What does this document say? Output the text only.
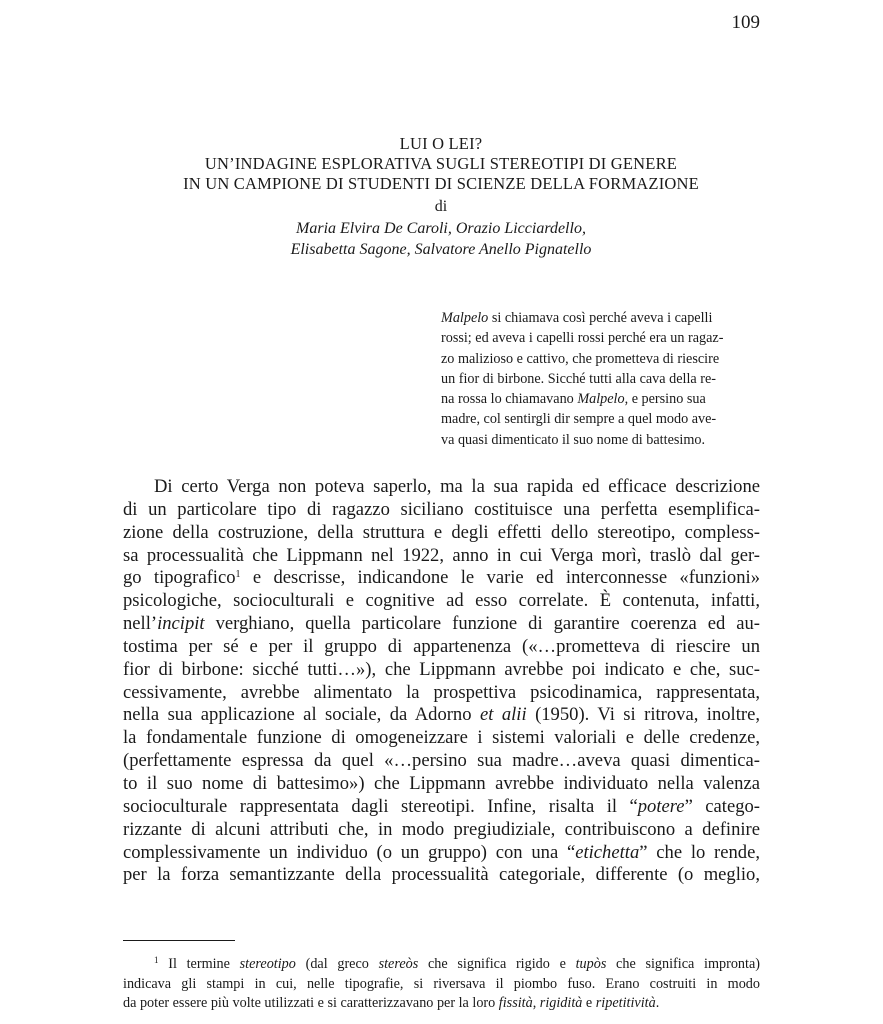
109
LUI O LEI?
UN’INDAGINE ESPLORATIVA SUGLI STEREOTIPI DI GENERE
IN UN CAMPIONE DI STUDENTI DI SCIENZE DELLA FORMAZIONE
di
Maria Elvira De Caroli, Orazio Licciardello,
Elisabetta Sagone, Salvatore Anello Pignatello
Malpelo si chiamava così perché aveva i capelli
rossi; ed aveva i capelli rossi perché era un ragaz-
zo malizioso e cattivo, che prometteva di riescire
un fior di birbone. Sicché tutti alla cava della re-
na rossa lo chiamavano Malpelo, e persino sua
madre, col sentirgli dir sempre a quel modo ave-
va quasi dimenticato il suo nome di battesimo.
Di certo Verga non poteva saperlo, ma la sua rapida ed efficace descrizione
di un particolare tipo di ragazzo siciliano costituisce una perfetta esemplifica-
zione della costruzione, della struttura e degli effetti dello stereotipo, compless-
sa processualità che Lippmann nel 1922, anno in cui Verga morì, traslò dal ger-
go tipografico$^1$ e descrisse, indicandone le varie ed interconnesse «funzioni»
psicologiche, socioculturali e cognitive ad esso correlate. È contenuta, infatti,
nell’incipit verghiano, quella particolare funzione di garantire coerenza ed au-
tostima per sé e per il gruppo di appartenenza («…prometteva di riescire un
fior di birbone: sicché tutti…»), che Lippmann avrebbe poi indicato e che, suc-
cessivamente, avrebbe alimentato la prospettiva psicodinamica, rappresentata,
nella sua applicazione al sociale, da Adorno et alii (1950). Vi si ritrova, inoltre,
la fondamentale funzione di omogeneizzare i sistemi valoriali e delle credenze,
(perfettamente espressa da quel «…persino sua madre…aveva quasi dimentica-
to il suo nome di battesimo») che Lippmann avrebbe individuato nella valenza
socioculturale rappresentata dagli stereotipi. Infine, risalta il “potere” catego-
rizzante di alcuni attributi che, in modo pregiudiziale, contribuiscono a definire
complessivamente un individuo (o un gruppo) con una “etichetta” che lo rende,
per la forza semantizzante della processualità categoriale, differente (o meglio,
$^1$ Il termine stereotipo (dal greco stereòs che significa rigido e tupòs che significa impronta)
indicava gli stampi in cui, nelle tipografie, si riversava il piombo fuso. Erano costruiti in modo
da poter essere più volte utilizzati e si caratterizzavano per la loro fissità, rigidità e ripetitività.
